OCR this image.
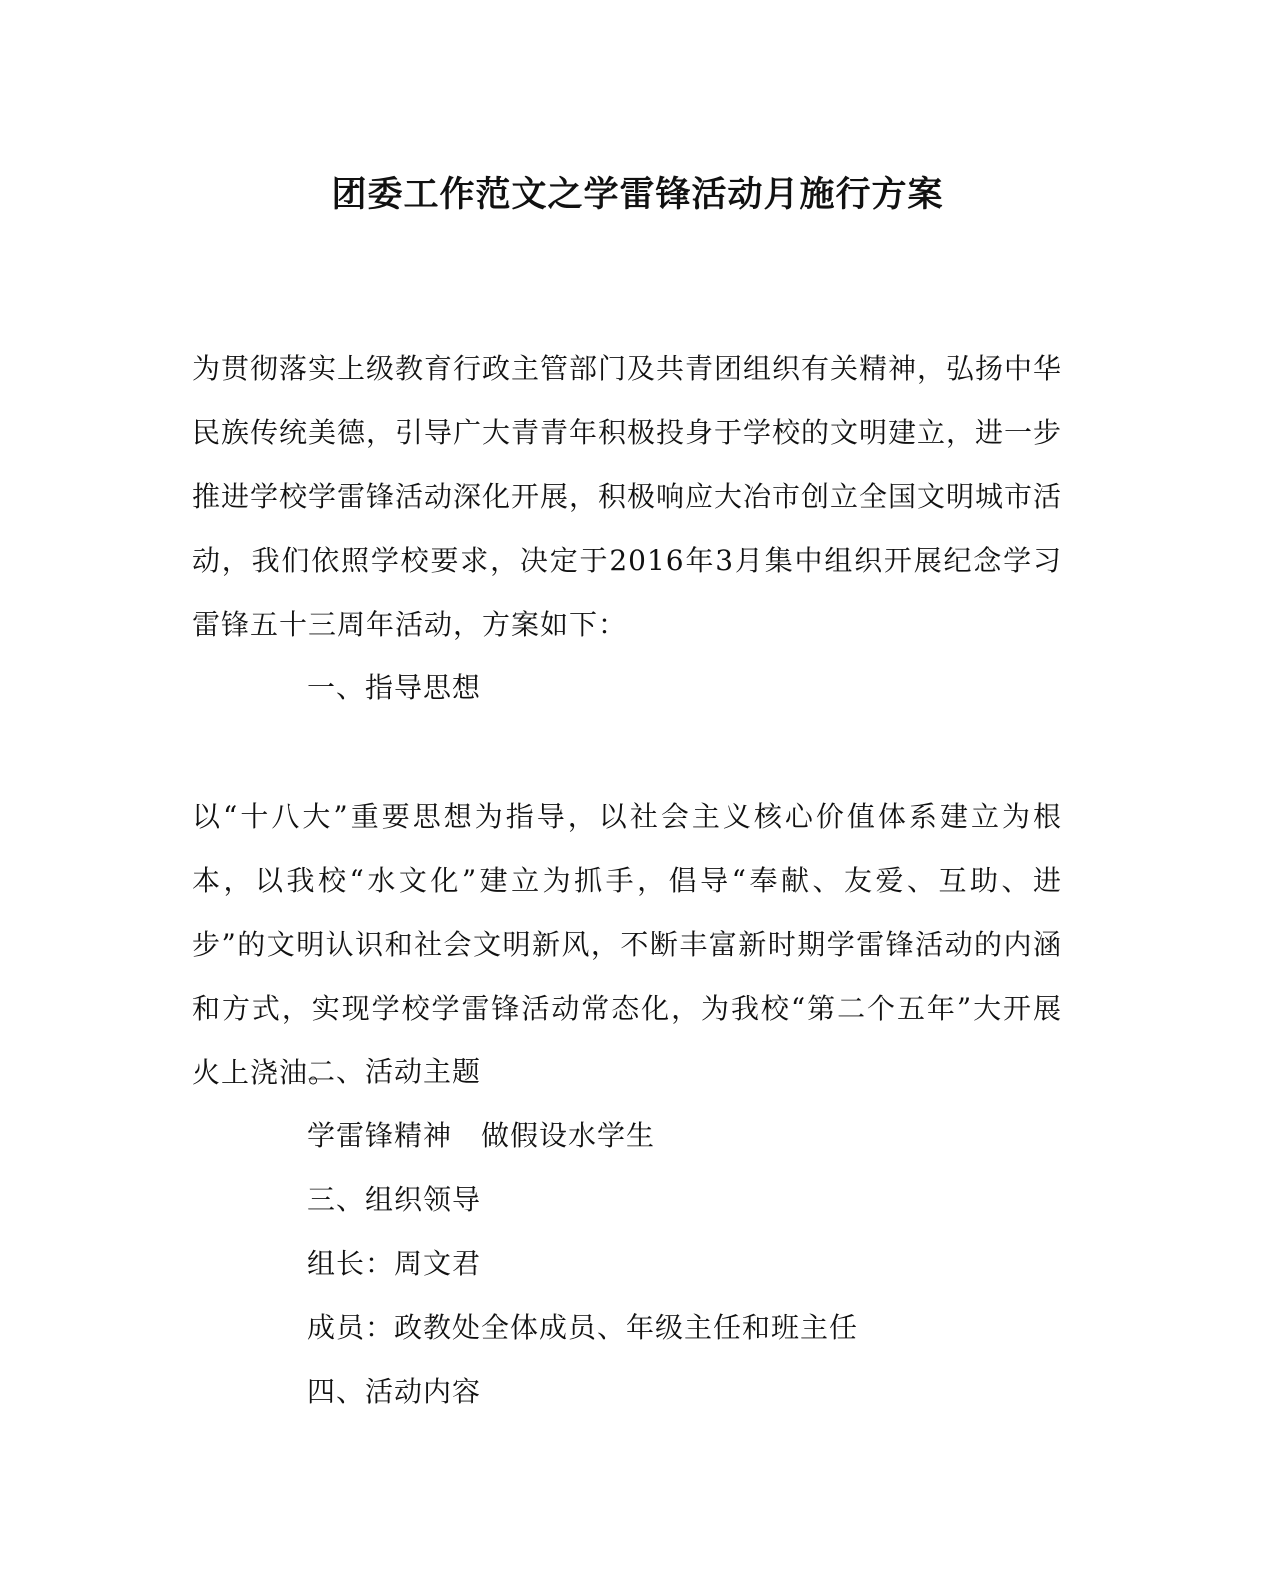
团委工作范文之学雷锋活动月施行方案

为贯彻落实上级教育行政主管部门及共青团组织有关精神，弘扬中华民族传统美德，引导广大青青年积极投身于学校的文明建立，进一步推进学校学雷锋活动深化开展，积极响应大冶市创立全国文明城市活动，我们依照学校要求，决定于2016年3月集中组织开展纪念学习雷锋五十三周年活动，方案如下：

一、指导思想

以“十八大”重要思想为指导，以社会主义核心价值体系建立为根本，以我校“水文化”建立为抓手，倡导“奉献、友爱、互助、进步”的文明认识和社会文明新风，不断丰富新时期学雷锋活动的内涵和方式，实现学校学雷锋活动常态化，为我校“第二个五年”大开展火上浇油。

二、活动主题

学雷锋精神　做假设水学生

三、组织领导

组长：周文君

成员：政教处全体成员、年级主任和班主任

四、活动内容
